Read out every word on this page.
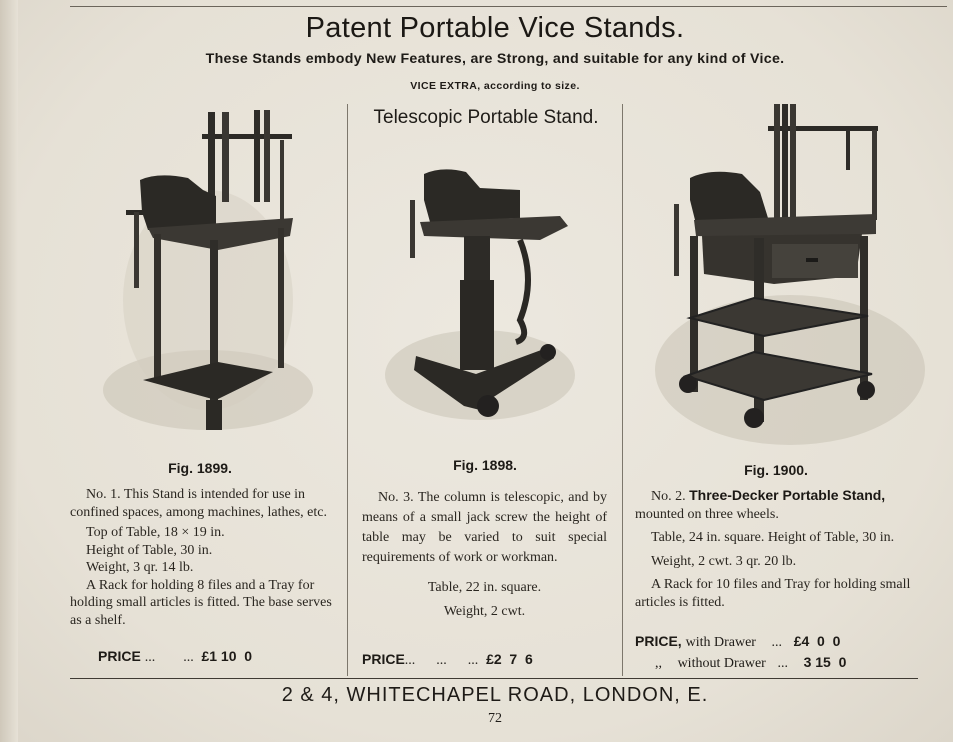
Patent Portable Vice Stands.
These Stands embody New Features, are Strong, and suitable for any kind of Vice.
VICE EXTRA, according to size.
Telescopic Portable Stand.
Fig. 1899.	Fig. 1898.	Fig. 1900.

No. 1. This Stand is intended for use in confined spaces, among machines, lathes, etc.

Top of Table, 18 × 19 in.

Height of Table, 30 in.

Weight, 3 qr. 14 lb.

A Rack for holding 8 files and a Tray for holding small articles is fitted. The base serves as a shelf.

PRICE ...        ... £1 10  0

No. 3. The column is telescopic, and by means of a small jack screw the height of table may be varied to suit special requirements of work or workman.

Table, 22 in. square.

Weight, 2 cwt.

PRICE...      ...      ... £2  7  6

No. 2. Three-Decker Portable Stand, mounted on three wheels.

Table, 24 in. square. Height of Table, 30 in.

Weight, 2 cwt. 3 qr. 20 lb.

A Rack for 10 files and Tray for holding small articles is fitted.

PRICE, with Drawer ... £4  0  0
,, without Drawer ... 3 15  0
2 & 4, WHITECHAPEL ROAD, LONDON, E.
72
